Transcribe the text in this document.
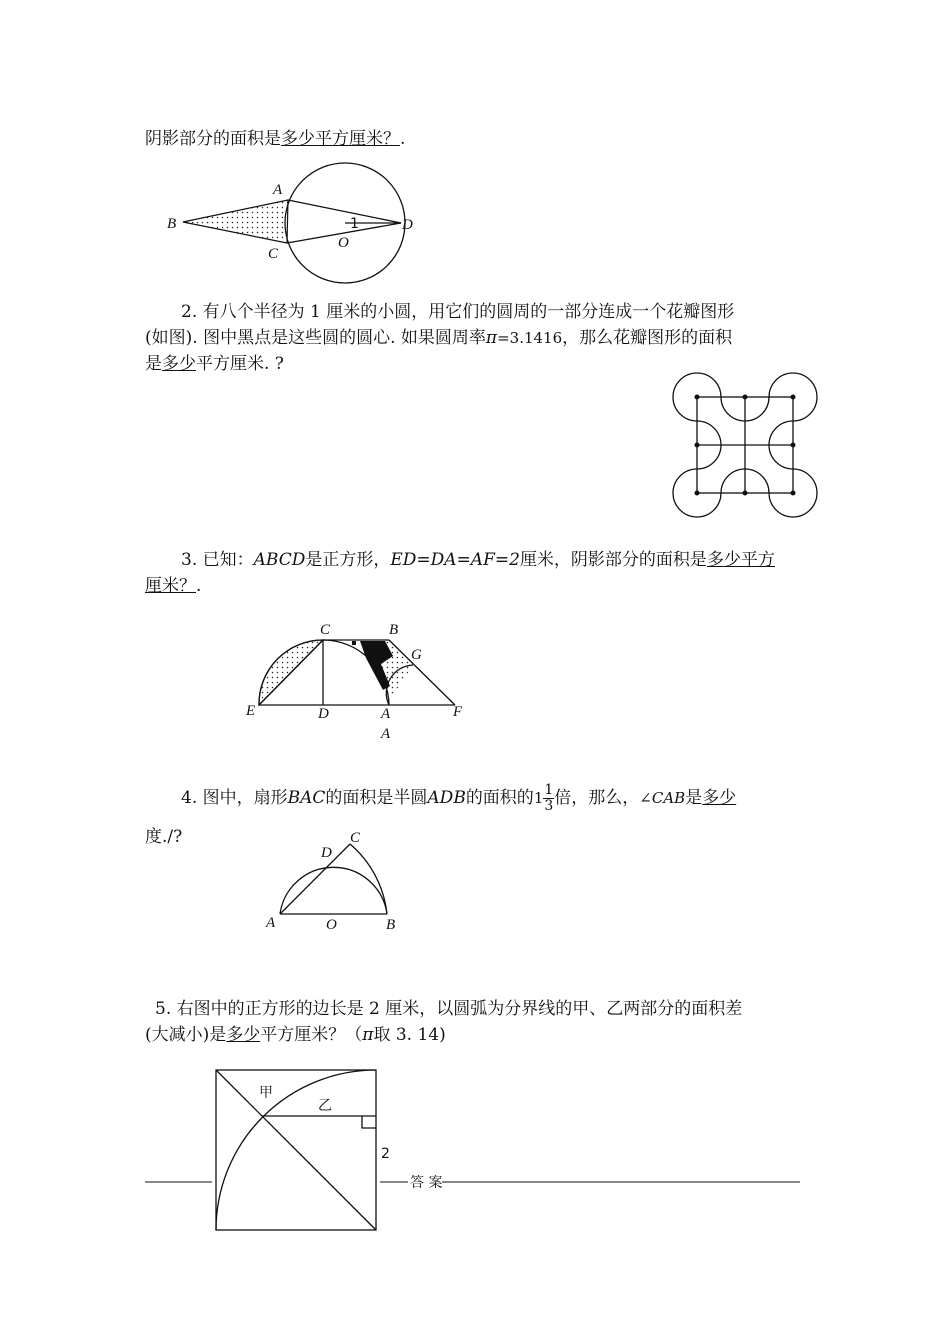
阴影部分的面积是多少平方厘米？.
A
B
C
D
O
1
C	B
G
E	D	A	F
A
C
D
A	O	B
甲
乙
2
答 案
2. 有八个半径为 1 厘米的小圆，用它们的圆周的一部分连成一个花瓣图形
(如图). 图中黑点是这些圆的圆心. 如果圆周率π=3.1416，那么花瓣图形的面积
是多少平方厘米. ?
3. 已知：ABCD是正方形，ED=DA=AF=2厘米，阴影部分的面积是多少平方
厘米？.
4. 图中，扇形BAC的面积是半圆ADB的面积的$1 \frac{1}{3}$ 倍，那么，∠CAB是多少
度./?
5. 右图中的正方形的边长是 2 厘米，以圆弧为分界线的甲、乙两部分的面积差
(大减小)是多少平方厘米？（π取 3. 14)
